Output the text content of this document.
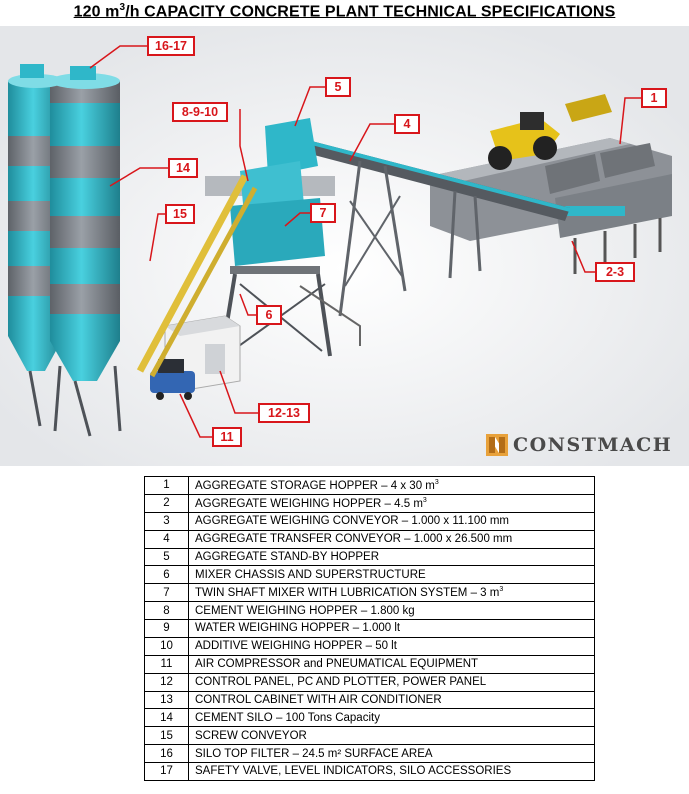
120 $m^3/h$ CAPACITY CONCRETE PLANT TECHNICAL SPECIFICATIONS
1
2-3
4
5
6
7
8-9-10
11
12-13
14
15
16-17
CONSTMACH
1	AGGREGATE STORAGE HOPPER – 4 x 30 $m^3$
2	AGGREGATE WEIGHING HOPPER – 4.5 $m^3$
3	AGGREGATE WEIGHING CONVEYOR – 1.000 x 11.100 mm
4	AGGREGATE TRANSFER CONVEYOR – 1.000 x 26.500 mm
5	AGGREGATE STAND-BY HOPPER
6	MIXER CHASSIS AND SUPERSTRUCTURE
7	TWIN SHAFT MIXER WITH LUBRICATION SYSTEM – 3 $m^3$
8	CEMENT WEIGHING HOPPER – 1.800 kg
9	WATER WEIGHING HOPPER – 1.000 lt
10	ADDITIVE WEIGHING HOPPER – 50 lt
11	AIR COMPRESSOR and PNEUMATICAL EQUIPMENT
12	CONTROL PANEL, PC AND PLOTTER, POWER PANEL
13	CONTROL CABINET WITH AIR CONDITIONER
14	CEMENT SILO – 100 Tons Capacity
15	SCREW CONVEYOR
16	SILO TOP FILTER – 24.5 m² SURFACE AREA
17	SAFETY VALVE, LEVEL INDICATORS, SILO ACCESSORIES
